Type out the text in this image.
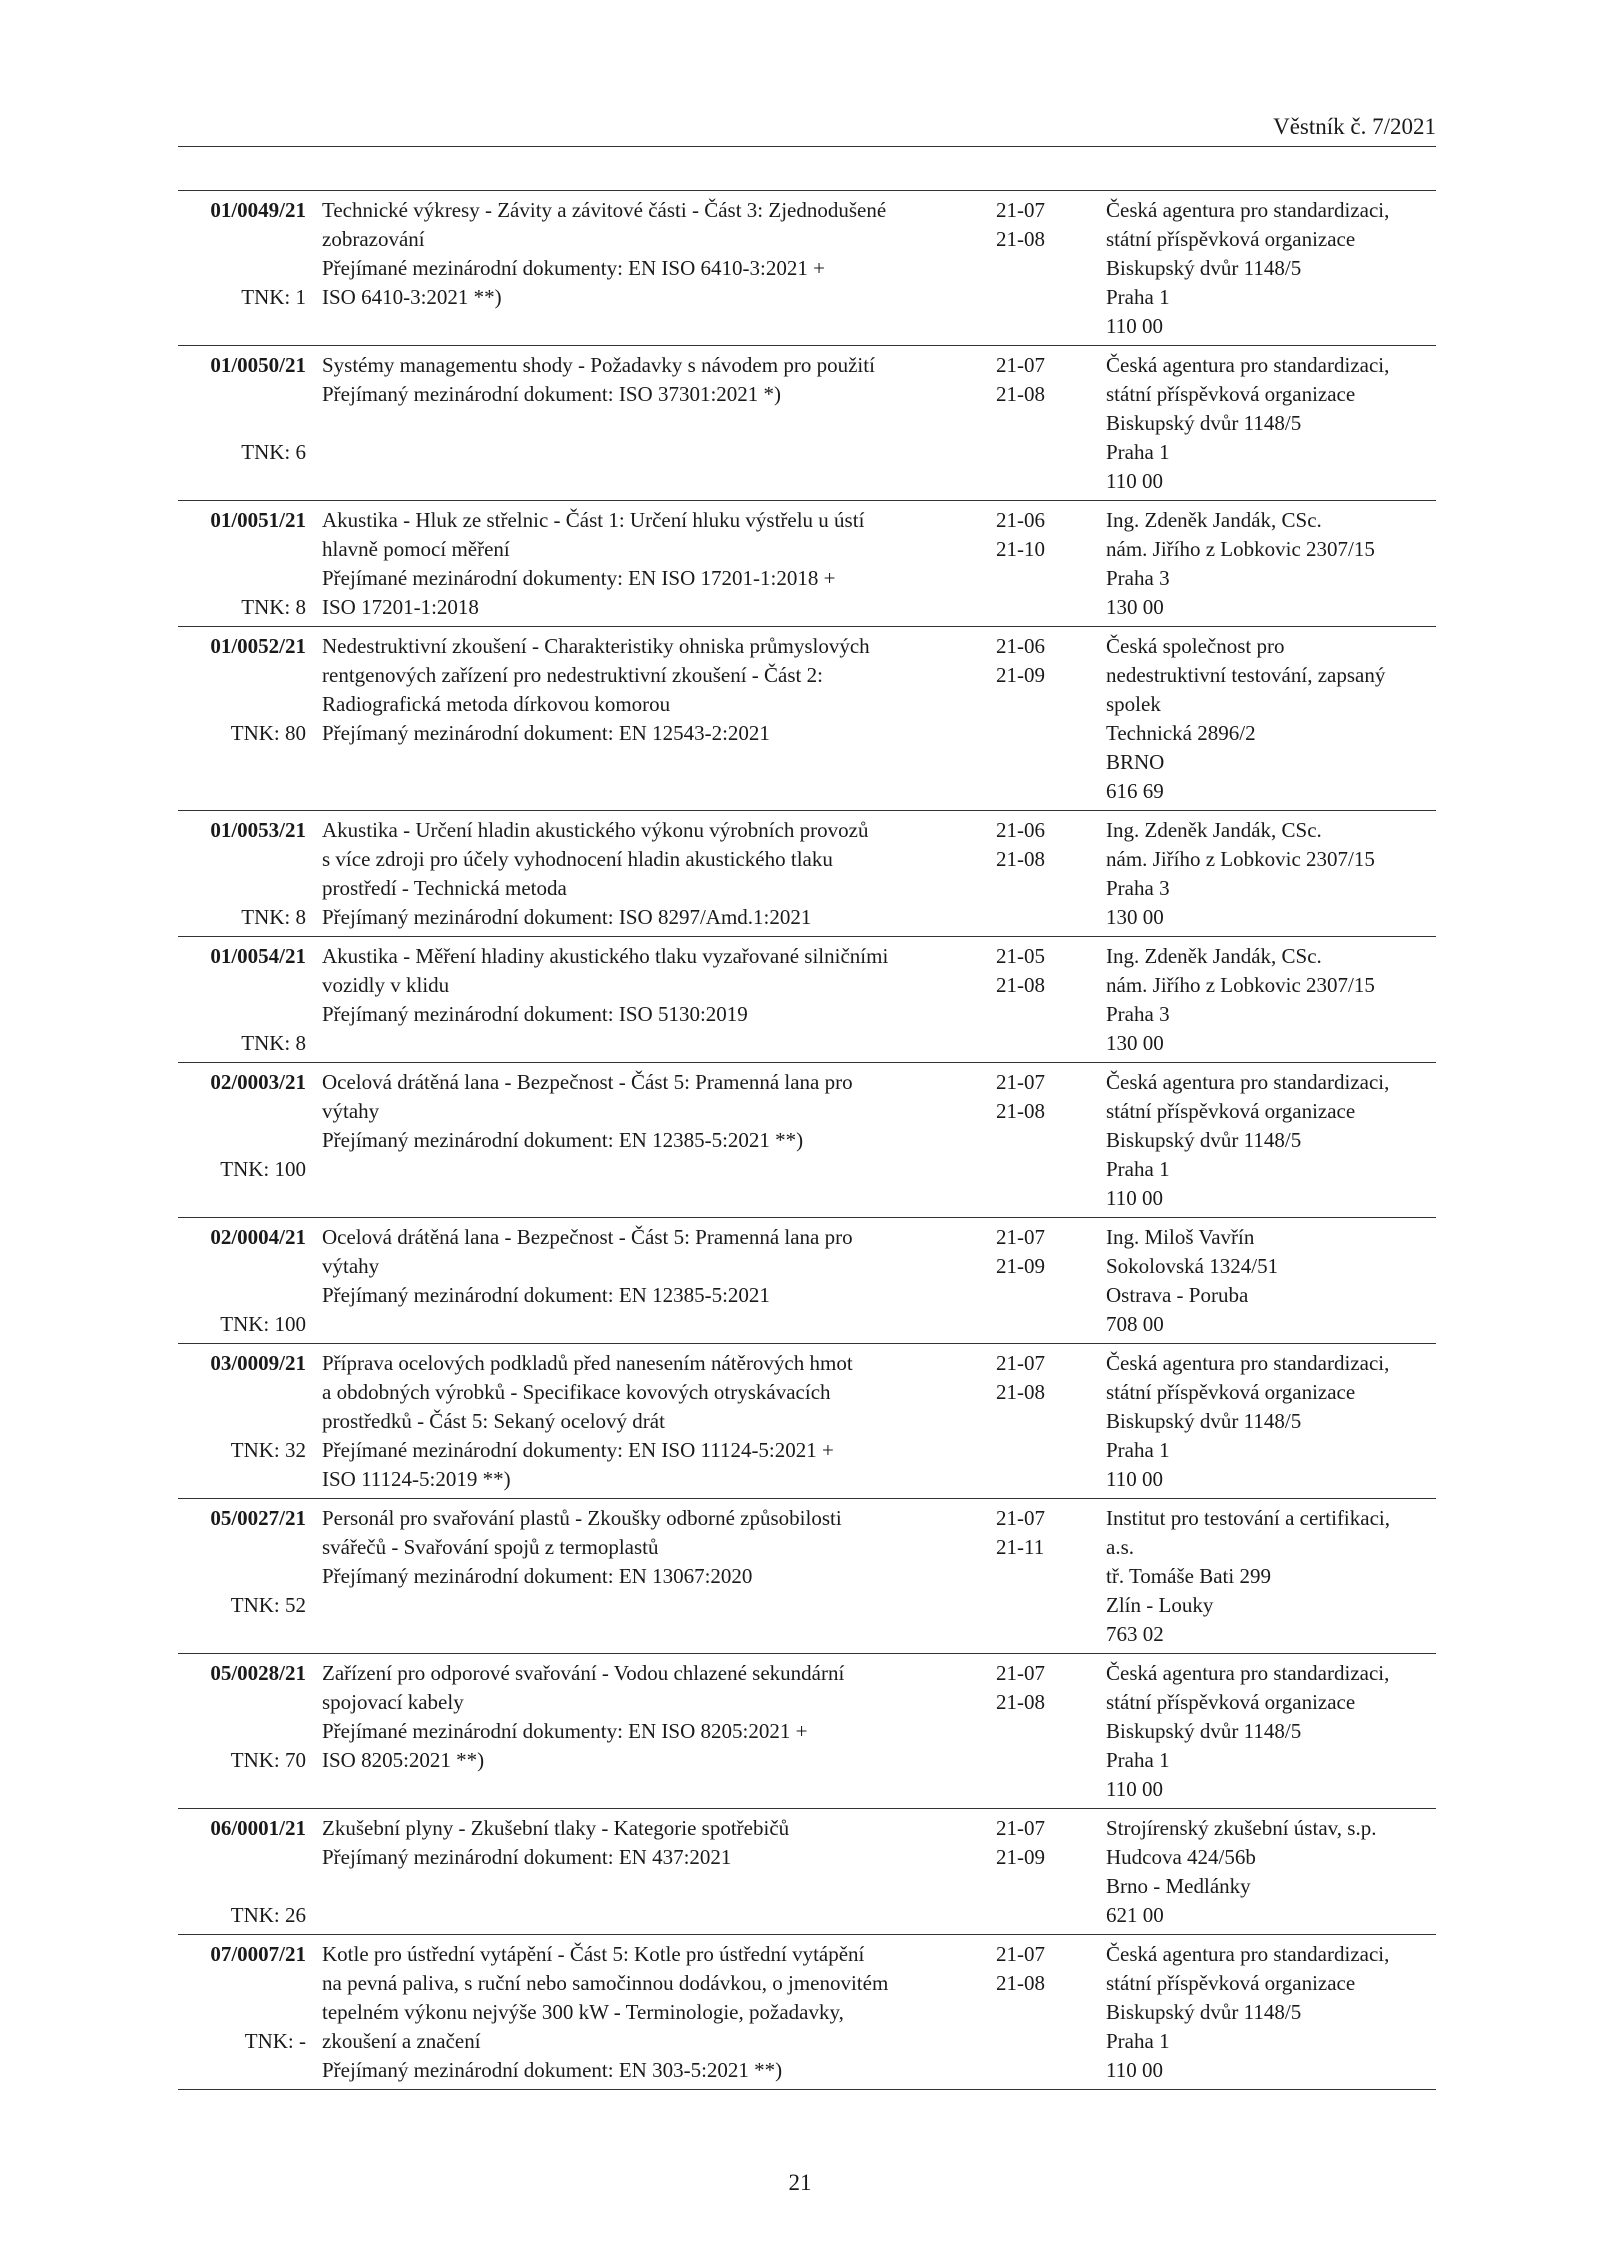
Věstník č. 7/2021
01/0049/21
TNK: 1
Technické výkresy - Závity a závitové části - Část 3: Zjednodušené
zobrazování
Přejímané mezinárodní dokumenty: EN ISO 6410-3:2021 +
ISO 6410-3:2021 **)
21-07
21-08
Česká agentura pro standardizaci,
státní příspěvková organizace
Biskupský dvůr 1148/5
Praha 1
110 00
01/0050/21
TNK: 6
Systémy managementu shody - Požadavky s návodem pro použití
Přejímaný mezinárodní dokument: ISO 37301:2021 *)
21-07
21-08
Česká agentura pro standardizaci,
státní příspěvková organizace
Biskupský dvůr 1148/5
Praha 1
110 00
01/0051/21
TNK: 8
Akustika - Hluk ze střelnic - Část 1: Určení hluku výstřelu u ústí
hlavně pomocí měření
Přejímané mezinárodní dokumenty: EN ISO 17201-1:2018 +
ISO 17201-1:2018
21-06
21-10
Ing. Zdeněk Jandák, CSc.
nám. Jiřího z Lobkovic 2307/15
Praha 3
130 00
01/0052/21
TNK: 80
Nedestruktivní zkoušení - Charakteristiky ohniska průmyslových
rentgenových zařízení pro nedestruktivní zkoušení - Část 2:
Radiografická metoda dírkovou komorou
Přejímaný mezinárodní dokument: EN 12543-2:2021
21-06
21-09
Česká společnost pro
nedestruktivní testování, zapsaný
spolek
Technická 2896/2
BRNO
616 69
01/0053/21
TNK: 8
Akustika - Určení hladin akustického výkonu výrobních provozů
s více zdroji pro účely vyhodnocení hladin akustického tlaku
prostředí - Technická metoda
Přejímaný mezinárodní dokument: ISO 8297/Amd.1:2021
21-06
21-08
Ing. Zdeněk Jandák, CSc.
nám. Jiřího z Lobkovic 2307/15
Praha 3
130 00
01/0054/21
TNK: 8
Akustika - Měření hladiny akustického tlaku vyzařované silničními
vozidly v klidu
Přejímaný mezinárodní dokument: ISO 5130:2019
21-05
21-08
Ing. Zdeněk Jandák, CSc.
nám. Jiřího z Lobkovic 2307/15
Praha 3
130 00
02/0003/21
TNK: 100
Ocelová drátěná lana - Bezpečnost - Část 5: Pramenná lana pro
výtahy
Přejímaný mezinárodní dokument: EN 12385-5:2021 **)
21-07
21-08
Česká agentura pro standardizaci,
státní příspěvková organizace
Biskupský dvůr 1148/5
Praha 1
110 00
02/0004/21
TNK: 100
Ocelová drátěná lana - Bezpečnost - Část 5: Pramenná lana pro
výtahy
Přejímaný mezinárodní dokument: EN 12385-5:2021
21-07
21-09
Ing. Miloš Vavřín
Sokolovská 1324/51
Ostrava - Poruba
708 00
03/0009/21
TNK: 32
Příprava ocelových podkladů před nanesením nátěrových hmot
a obdobných výrobků - Specifikace kovových otryskávacích
prostředků - Část 5: Sekaný ocelový drát
Přejímané mezinárodní dokumenty: EN ISO 11124-5:2021 +
ISO 11124-5:2019 **)
21-07
21-08
Česká agentura pro standardizaci,
státní příspěvková organizace
Biskupský dvůr 1148/5
Praha 1
110 00
05/0027/21
TNK: 52
Personál pro svařování plastů - Zkoušky odborné způsobilosti
svářečů - Svařování spojů z termoplastů
Přejímaný mezinárodní dokument: EN 13067:2020
21-07
21-11
Institut pro testování a certifikaci,
a.s.
tř. Tomáše Bati 299
Zlín - Louky
763 02
05/0028/21
TNK: 70
Zařízení pro odporové svařování - Vodou chlazené sekundární
spojovací kabely
Přejímané mezinárodní dokumenty: EN ISO 8205:2021 +
ISO 8205:2021 **)
21-07
21-08
Česká agentura pro standardizaci,
státní příspěvková organizace
Biskupský dvůr 1148/5
Praha 1
110 00
06/0001/21
TNK: 26
Zkušební plyny - Zkušební tlaky - Kategorie spotřebičů
Přejímaný mezinárodní dokument: EN 437:2021
21-07
21-09
Strojírenský zkušební ústav, s.p.
Hudcova 424/56b
Brno - Medlánky
621 00
07/0007/21
TNK: -
Kotle pro ústřední vytápění - Část 5: Kotle pro ústřední vytápění
na pevná paliva, s ruční nebo samočinnou dodávkou, o jmenovitém
tepelném výkonu nejvýše 300 kW - Terminologie, požadavky,
zkoušení a značení
Přejímaný mezinárodní dokument: EN 303-5:2021 **)
21-07
21-08
Česká agentura pro standardizaci,
státní příspěvková organizace
Biskupský dvůr 1148/5
Praha 1
110 00
21
